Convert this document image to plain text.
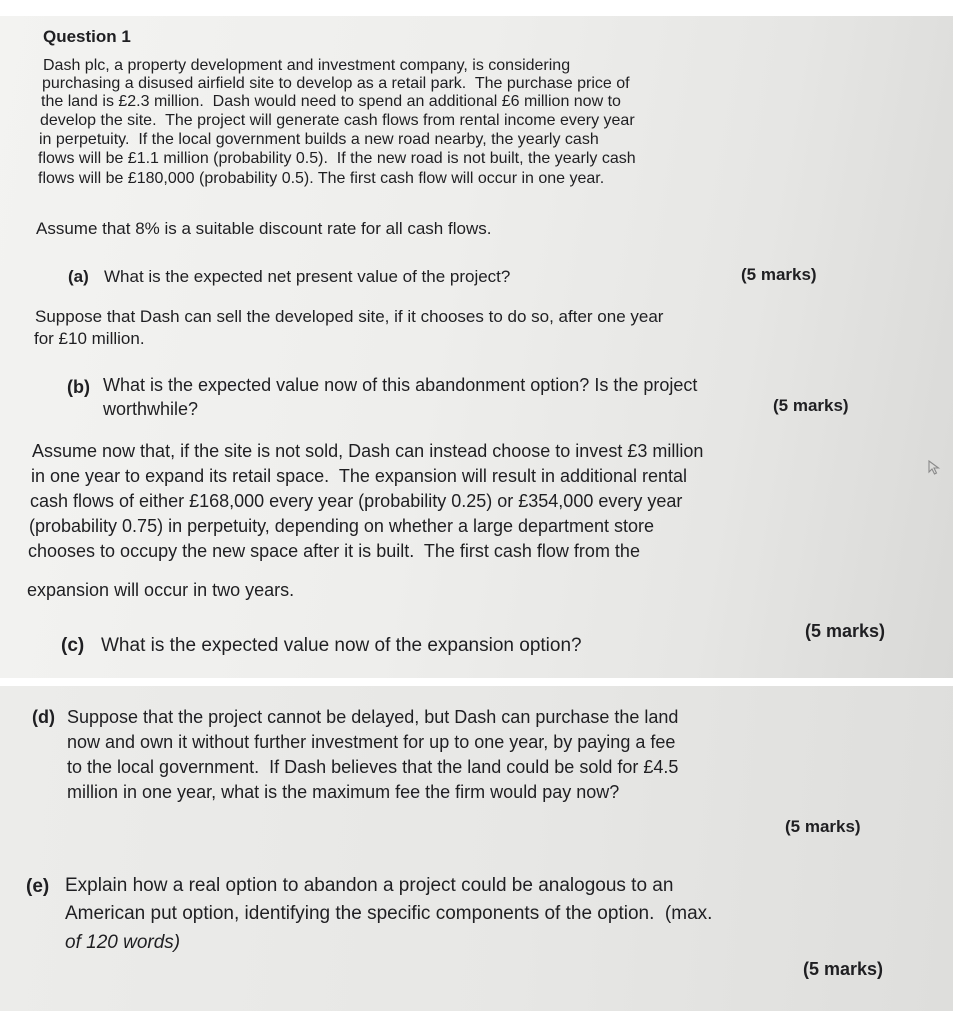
Question 1

Dash plc, a property development and investment company, is considering

purchasing a disused airfield site to develop as a retail park.  The purchase price of

the land is £2.3 million.  Dash would need to spend an additional £6 million now to

develop the site.  The project will generate cash flows from rental income every year

in perpetuity.  If the local government builds a new road nearby, the yearly cash

flows will be £1.1 million (probability 0.5).  If the new road is not built, the yearly cash

flows will be £180,000 (probability 0.5). The first cash flow will occur in one year.

Assume that 8% is a suitable discount rate for all cash flows.

(a) What is the expected net present value of the project?	(5 marks)

Suppose that Dash can sell the developed site, if it chooses to do so, after one year

for £10 million.

(b) What is the expected value now of this abandonment option? Is the project

worthwhile?	(5 marks)

Assume now that, if the site is not sold, Dash can instead choose to invest £3 million

in one year to expand its retail space.  The expansion will result in additional rental

cash flows of either £168,000 every year (probability 0.25) or £354,000 every year

(probability 0.75) in perpetuity, depending on whether a large department store

chooses to occupy the new space after it is built.  The first cash flow from the

expansion will occur in two years.

(c) What is the expected value now of the expansion option?

(5 marks)

(d) Suppose that the project cannot be delayed, but Dash can purchase the land

now and own it without further investment for up to one year, by paying a fee

to the local government.  If Dash believes that the land could be sold for £4.5

million in one year, what is the maximum fee the firm would pay now?

(5 marks)

(e) Explain how a real option to abandon a project could be analogous to an

American put option, identifying the specific components of the option.  (max.

of 120 words)

(5 marks)
